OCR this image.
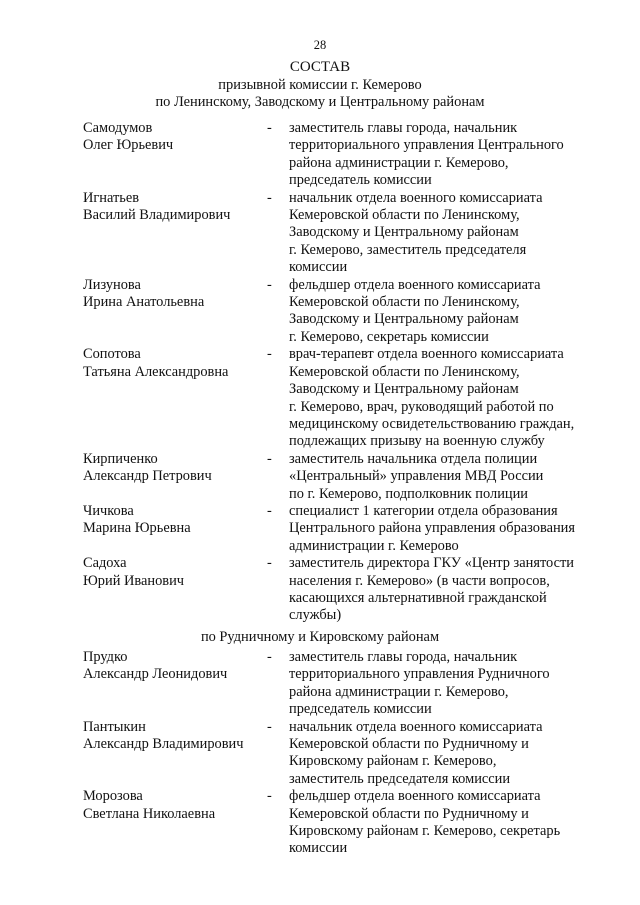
28
СОСТАВ
призывной комиссии г. Кемерово
по Ленинскому, Заводскому и Центральному районам
Самодумов
Олег Юрьевич
-	заместитель главы города, начальник
территориального управления Центрального
района администрации г. Кемерово,
председатель комиссии
Игнатьев
Василий Владимирович
-	начальник отдела военного комиссариата
Кемеровской области по Ленинскому,
Заводскому и Центральному районам
г. Кемерово, заместитель председателя
комиссии
Лизунова
Ирина Анатольевна
-	фельдшер отдела военного комиссариата
Кемеровской области по Ленинскому,
Заводскому и Центральному районам
г. Кемерово, секретарь комиссии
Сопотова
Татьяна Александровна
-	врач-терапевт отдела военного комиссариата
Кемеровской области по Ленинскому,
Заводскому и Центральному районам
г. Кемерово, врач, руководящий работой по
медицинскому освидетельствованию граждан,
подлежащих призыву на военную службу
Кирпиченко
Александр Петрович
-	заместитель начальника отдела полиции
«Центральный» управления МВД России
по г. Кемерово, подполковник полиции
Чичкова
Марина Юрьевна
-	специалист 1 категории отдела образования
Центрального района управления образования
администрации г. Кемерово
Садоха
Юрий Иванович
-	заместитель директора ГКУ «Центр занятости
населения г. Кемерово» (в части вопросов,
касающихся альтернативной гражданской
службы)
по Рудничному и Кировскому районам
Прудко
Александр Леонидович
-	заместитель главы города, начальник
территориального управления Рудничного
района администрации г. Кемерово,
председатель комиссии
Пантыкин
Александр Владимирович
-	начальник отдела военного комиссариата
Кемеровской области по Рудничному и
Кировскому районам г. Кемерово,
заместитель председателя комиссии
Морозова
Светлана Николаевна
-	фельдшер отдела военного комиссариата
Кемеровской области по Рудничному и
Кировскому районам г. Кемерово, секретарь
комиссии
